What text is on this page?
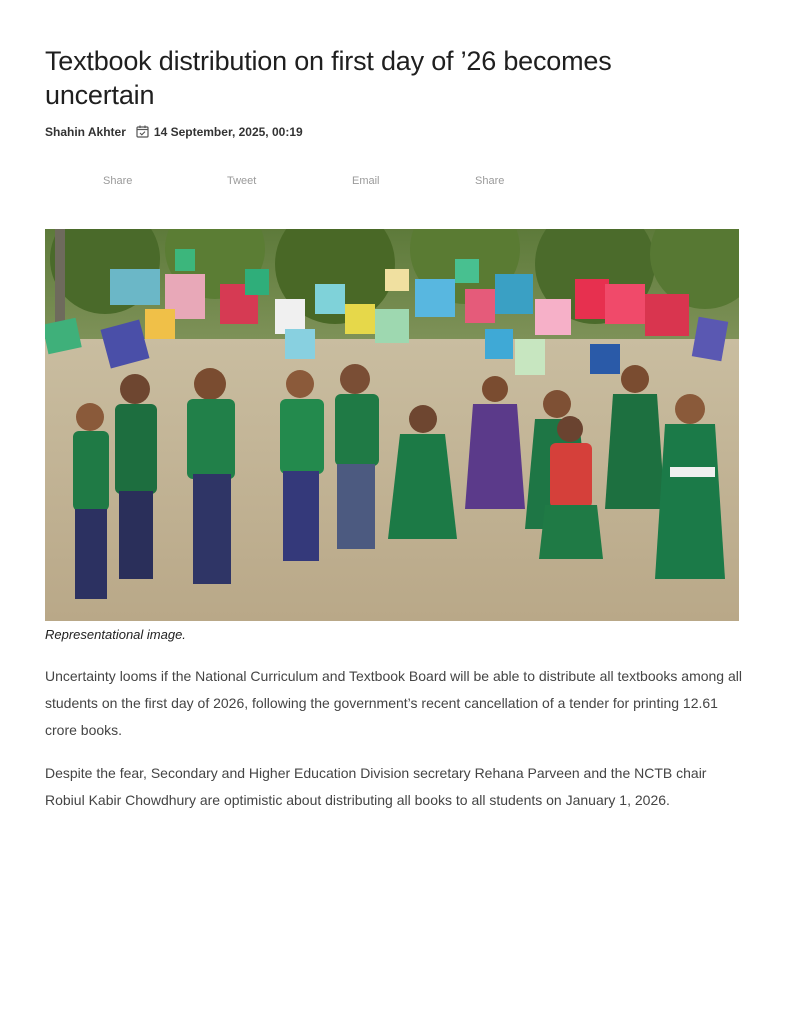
Textbook distribution on first day of ’26 becomes uncertain
Shahin Akhter 14 September, 2025, 00:19
Share	Tweet	Email	Share
Representational image.

Uncertainty looms if the National Curriculum and Textbook Board will be able to distribute all textbooks among all students on the first day of 2026, following the government’s recent cancellation of a tender for printing 12.61 crore books.

Despite the fear, Secondary and Higher Education Division secretary Rehana Parveen and the NCTB chair Robiul Kabir Chowdhury are optimistic about distributing all books to all students on January 1, 2026.
